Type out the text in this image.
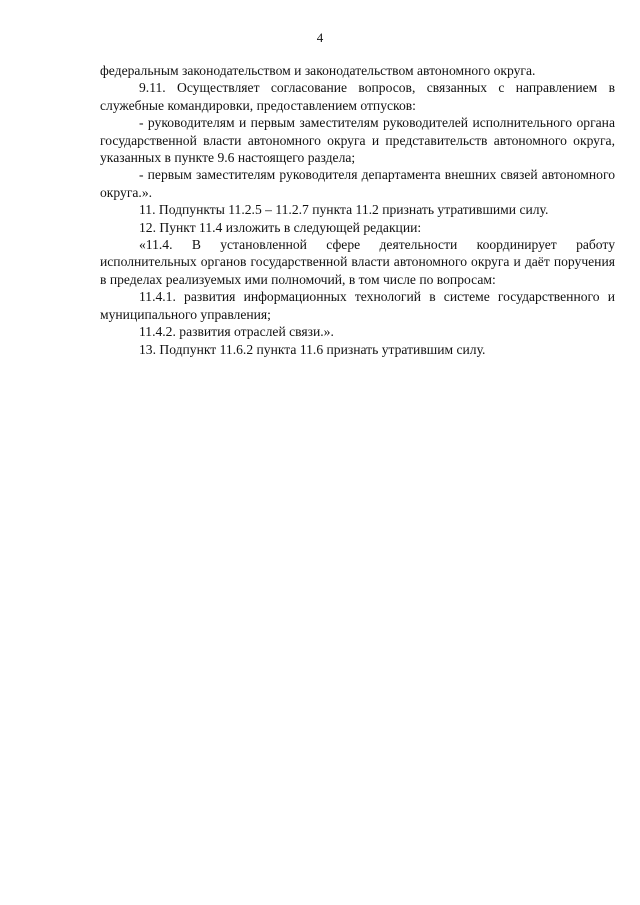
4

федеральным законодательством и законодательством автономного округа.

9.11. Осуществляет согласование вопросов, связанных с направлением в служебные командировки, предоставлением отпусков:

- руководителям и первым заместителям руководителей исполнительного органа государственной власти автономного округа и представительств автономного округа, указанных в пункте 9.6 настоящего раздела;

- первым заместителям руководителя департамента внешних связей автономного округа.».

11. Подпункты 11.2.5 – 11.2.7 пункта 11.2 признать утратившими силу.

12. Пункт 11.4 изложить в следующей редакции:

«11.4. В установленной сфере деятельности координирует работу исполнительных органов государственной власти автономного округа и даёт поручения в пределах реализуемых ими полномочий, в том числе по вопросам:

11.4.1. развития информационных технологий в системе государственного и муниципального управления;

11.4.2. развития отраслей связи.».

13. Подпункт 11.6.2 пункта 11.6 признать утратившим силу.
